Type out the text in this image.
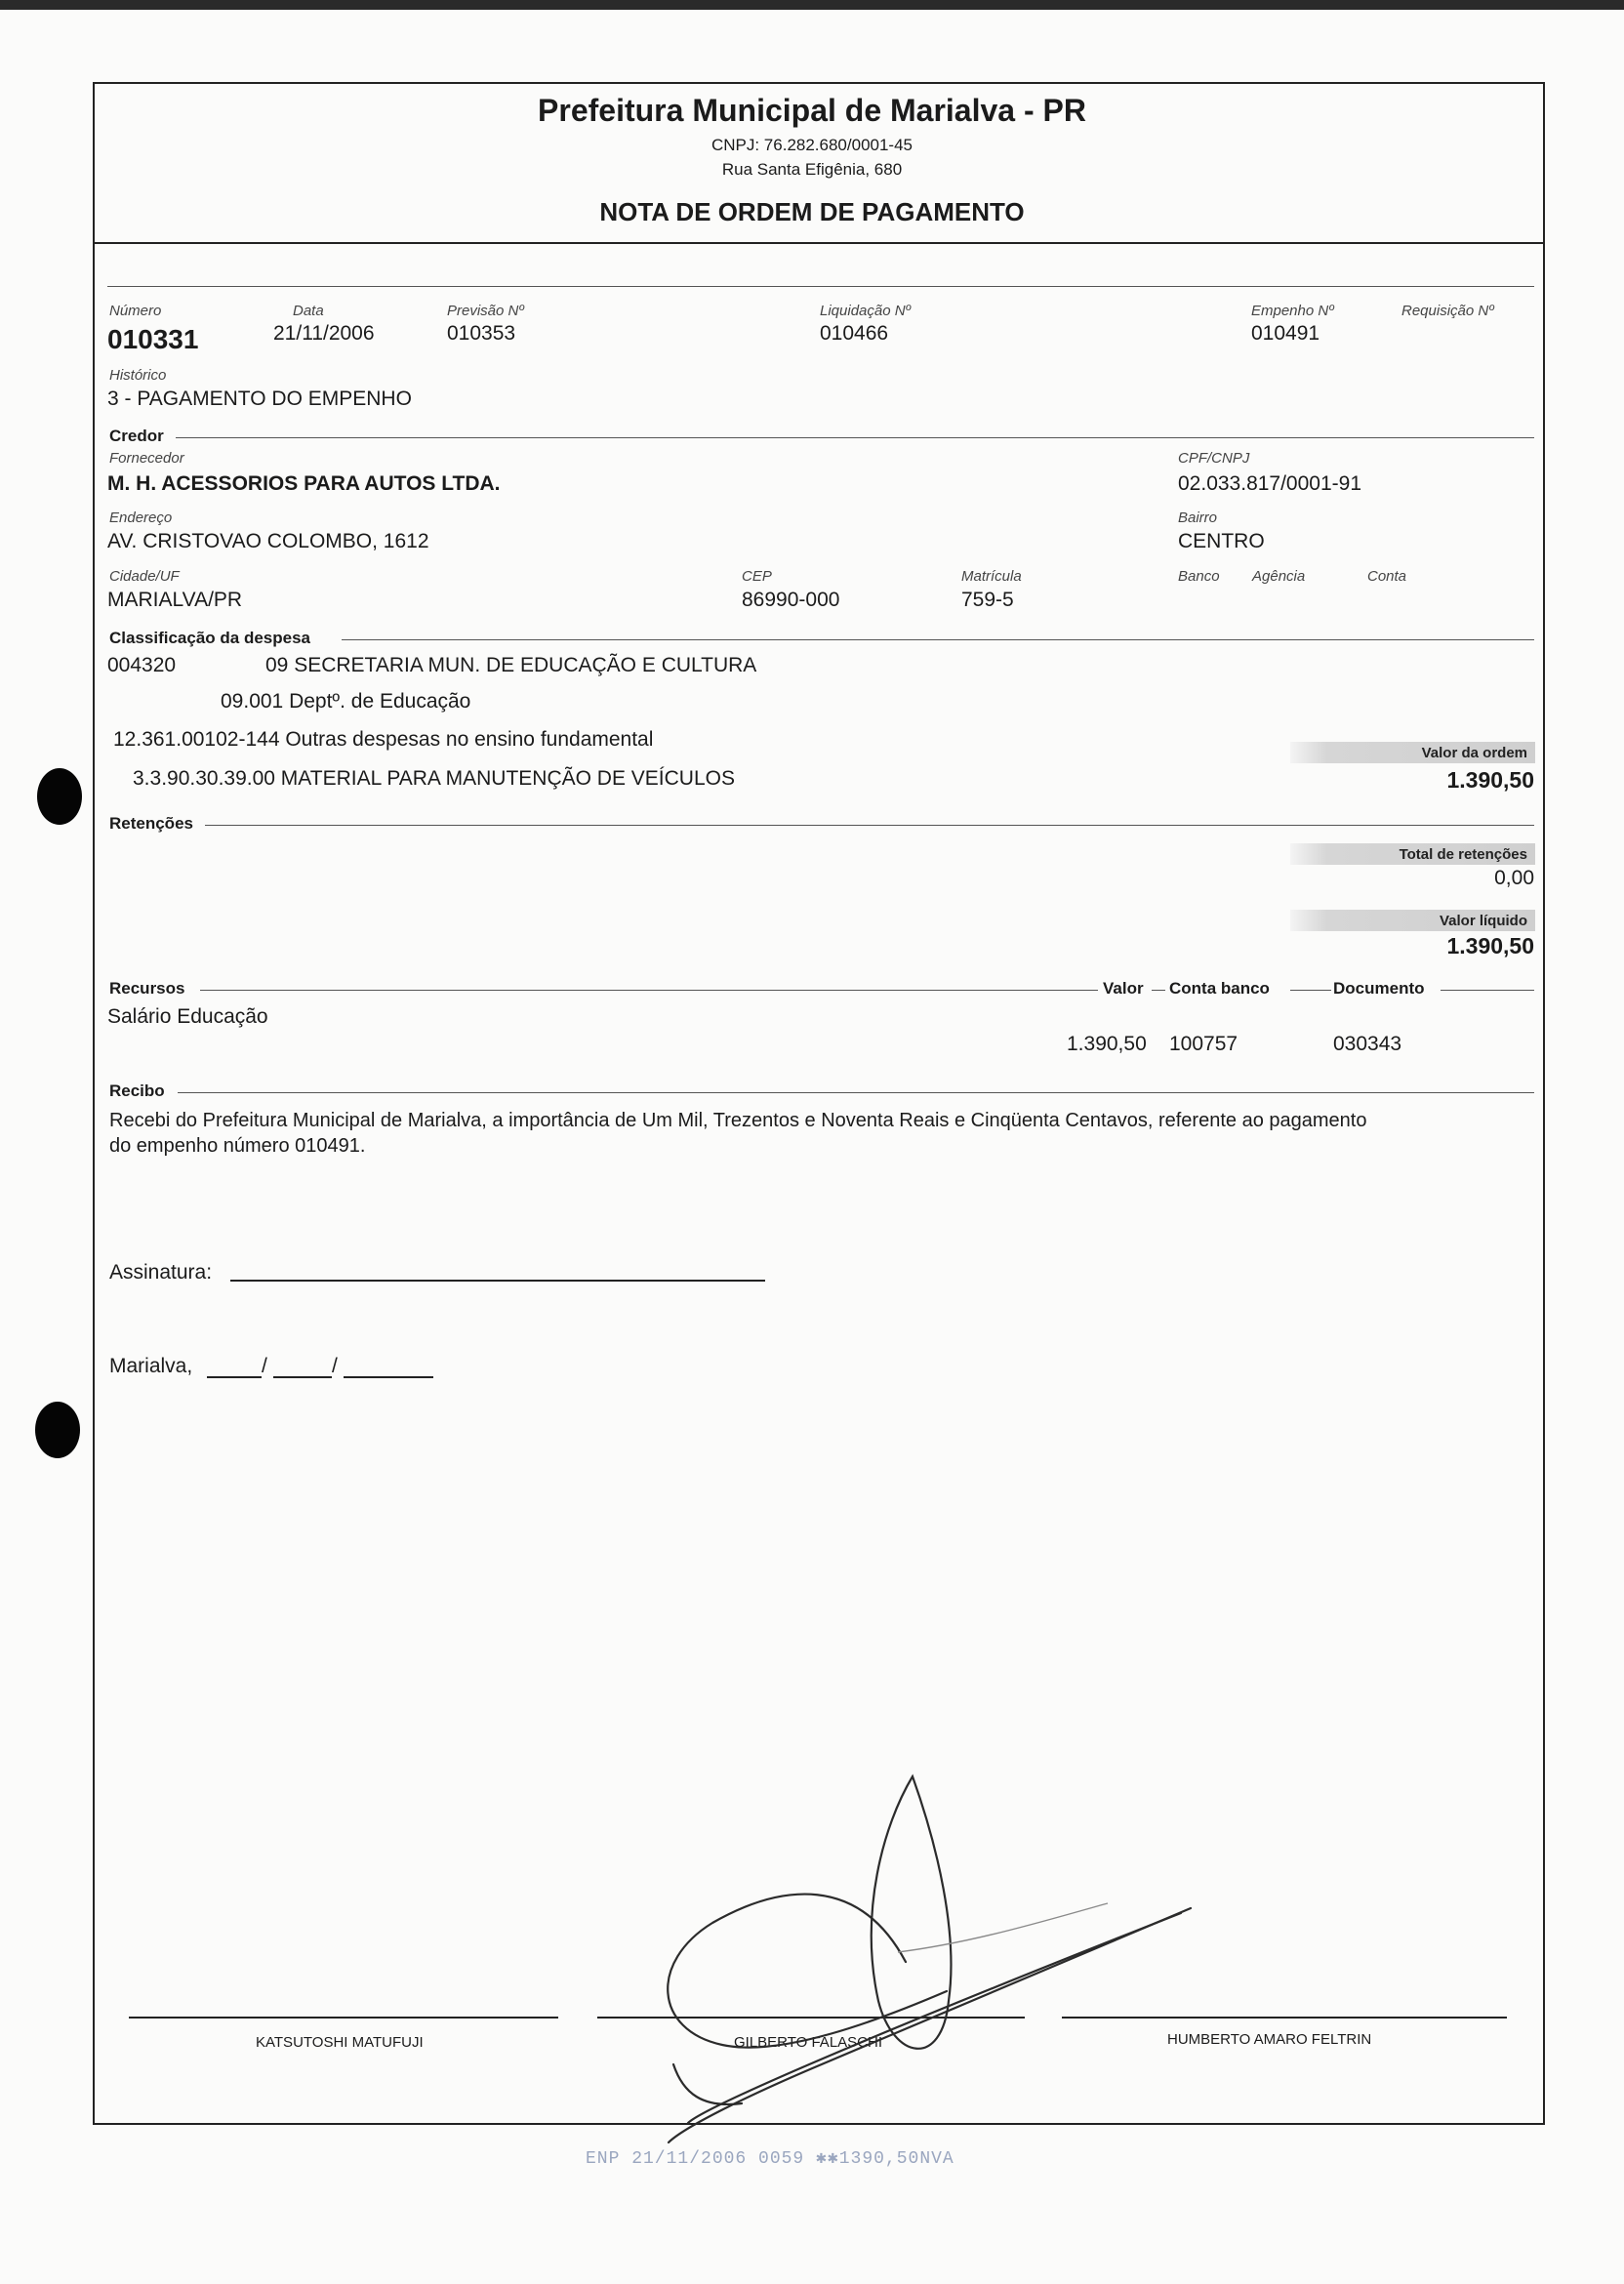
Prefeitura Municipal de Marialva - PR
CNPJ: 76.282.680/0001-45
Rua Santa Efigênia, 680
NOTA DE ORDEM DE PAGAMENTO
Número
010331
Data
21/11/2006
Previsão Nº
010353
Liquidação Nº
010466
Empenho Nº
010491
Requisição Nº
Histórico
3 - PAGAMENTO DO EMPENHO
Credor
Fornecedor
M. H. ACESSORIOS PARA AUTOS LTDA.
CPF/CNPJ
02.033.817/0001-91
Endereço
AV. CRISTOVAO COLOMBO, 1612
Bairro
CENTRO
Cidade/UF
MARIALVA/PR
CEP
86990-000
Matrícula
759-5
Banco Agência	Conta
Classificação da despesa
004320	09 SECRETARIA MUN. DE EDUCAÇÃO E CULTURA
09.001 Deptº. de Educação
12.361.00102-144 Outras despesas no ensino fundamental
3.3.90.30.39.00 MATERIAL PARA MANUTENÇÃO DE VEÍCULOS
Valor da ordem
1.390,50
Retenções
Total de retenções
0,00
Valor líquido
1.390,50
Recursos	Valor Conta banco	Documento
Salário Educação
1.390,50 100757	030343
Recibo
Recebi do Prefeitura Municipal de Marialva, a importância de Um Mil, Trezentos e Noventa Reais e Cinqüenta Centavos, referente ao pagamento
do empenho número 010491.
Assinatura:
Marialva,	/	/
KATSUTOSHI MATUFUJI	GILBERTO FALASCHI	HUMBERTO AMARO FELTRIN
ENP 21/11/2006 0059 ✱✱1390,50NVA
